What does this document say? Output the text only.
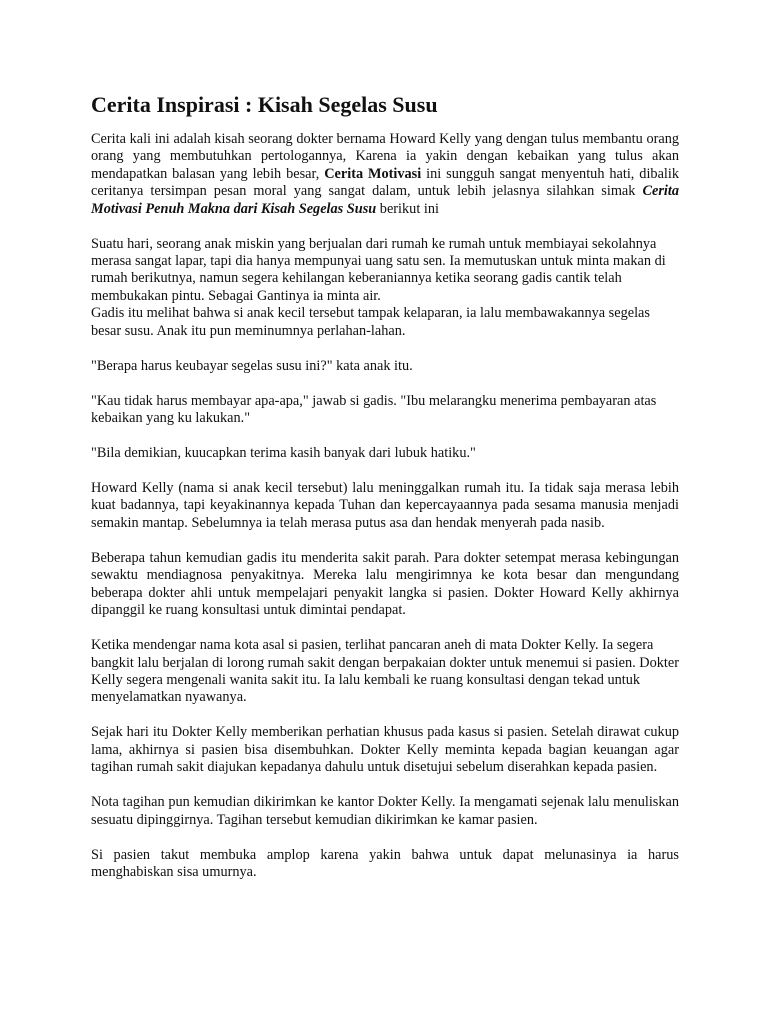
Cerita Inspirasi : Kisah Segelas Susu

Cerita kali ini adalah kisah seorang dokter bernama Howard Kelly yang dengan tulus membantu orang orang yang membutuhkan pertologannya, Karena ia yakin dengan kebaikan yang tulus akan mendapatkan balasan yang lebih besar, Cerita Motivasi ini sungguh sangat menyentuh hati, dibalik ceritanya tersimpan pesan moral yang sangat dalam, untuk lebih jelasnya silahkan simak Cerita Motivasi Penuh Makna dari Kisah Segelas Susu berikut ini

Suatu hari, seorang anak miskin yang berjualan dari rumah ke rumah untuk membiayai sekolahnya merasa sangat lapar, tapi dia hanya mempunyai uang satu sen. Ia memutuskan untuk minta makan di rumah berikutnya, namun segera kehilangan keberaniannya ketika seorang gadis cantik telah membukakan pintu. Sebagai Gantinya ia minta air.

Gadis itu melihat bahwa si anak kecil tersebut tampak kelaparan, ia lalu membawakannya segelas besar susu. Anak itu pun meminumnya perlahan-lahan.

"Berapa harus keubayar segelas susu ini?" kata anak itu.

"Kau tidak harus membayar apa-apa," jawab si gadis. "Ibu melarangku menerima pembayaran atas kebaikan yang ku lakukan."

"Bila demikian, kuucapkan terima kasih banyak dari lubuk hatiku."

Howard Kelly (nama si anak kecil tersebut) lalu meninggalkan rumah itu. Ia tidak saja merasa lebih kuat badannya, tapi keyakinannya kepada Tuhan dan kepercayaannya pada sesama manusia menjadi semakin mantap. Sebelumnya ia telah merasa putus asa dan hendak menyerah pada nasib.

Beberapa tahun kemudian gadis itu menderita sakit parah. Para dokter setempat merasa kebingungan sewaktu mendiagnosa penyakitnya. Mereka lalu mengirimnya ke kota besar dan mengundang beberapa dokter ahli untuk mempelajari penyakit langka si pasien. Dokter Howard Kelly akhirnya dipanggil ke ruang konsultasi untuk dimintai pendapat.

Ketika mendengar nama kota asal si pasien, terlihat pancaran aneh di mata Dokter Kelly. Ia segera bangkit lalu berjalan di lorong rumah sakit dengan berpakaian dokter untuk menemui si pasien. Dokter Kelly segera mengenali wanita sakit itu. Ia lalu kembali ke ruang konsultasi dengan tekad untuk menyelamatkan nyawanya.

Sejak hari itu Dokter Kelly memberikan perhatian khusus pada kasus si pasien. Setelah dirawat cukup lama, akhirnya si pasien bisa disembuhkan. Dokter Kelly meminta kepada bagian keuangan agar tagihan rumah sakit diajukan kepadanya dahulu untuk disetujui sebelum diserahkan kepada pasien.

Nota tagihan pun kemudian dikirimkan ke kantor Dokter Kelly. Ia mengamati sejenak lalu menuliskan sesuatu dipinggirnya. Tagihan tersebut kemudian dikirimkan ke kamar pasien.

Si pasien takut membuka amplop karena yakin bahwa untuk dapat melunasinya ia harus menghabiskan sisa umurnya.
